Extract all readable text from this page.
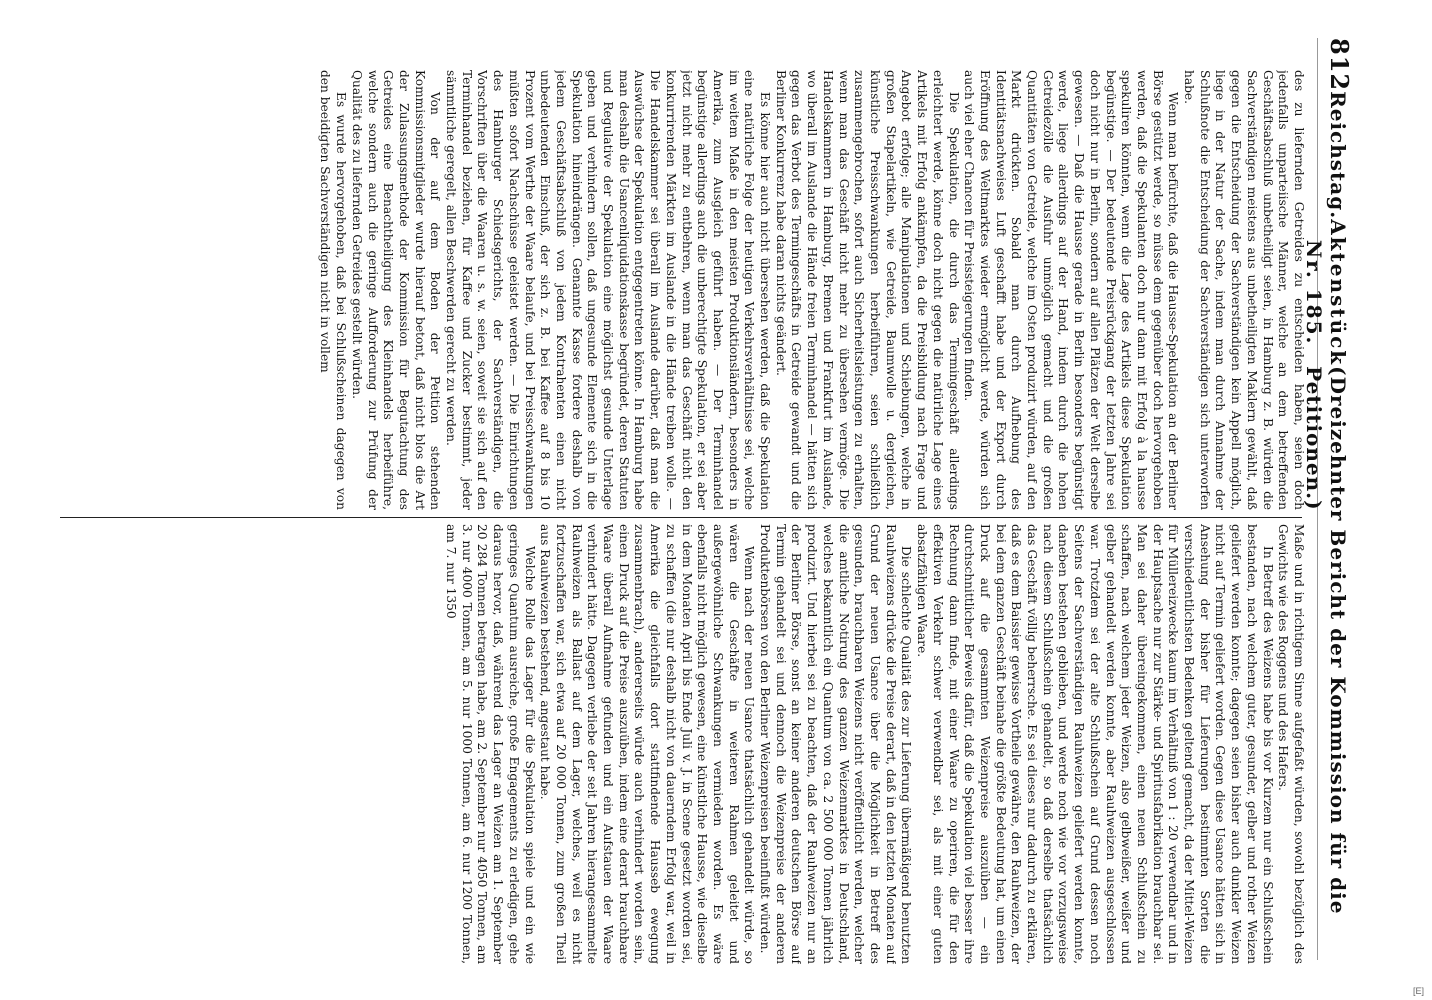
812
Reichstag.
Aktenstück Nr. 185.
(Dreizehnter Bericht der Kommission für die Petitionen.)

des zu liefernden Getreides zu entscheiden haben, seien doch jedenfalls unparteiische Männer, welche an dem betreffenden Geschäftsabschluß unbetheiligt seien, in Hamburg z. B. würden die Sachverständigen meistens aus unbetheiligten Maklern gewählt, daß gegen die Entscheidung der Sachverständigen kein Appell möglich, liege in der Natur der Sache, indem man durch Annahme der Schlußnote die Entscheidung der Sachverständigen sich unterworfen habe.

Wenn man befürchte, daß die Hausse-Spekulation an der Berliner Börse gestützt werde, so müsse dem gegenüber doch hervorgehoben werden, daß die Spekulanten doch nur dann mit Erfolg à la hausse spekuliren könnten, wenn die Lage des Artikels diese Spekulation begünstige. — Der bedeutende Preisrückgang der letzten Jahre sei doch nicht nur in Berlin, sondern auf allen Plätzen der Welt derselbe gewesen. — Daß die Hausse gerade in Berlin besonders begünstigt werde, liege allerdings auf der Hand, indem durch die hohen Getreidezölle die Ausfuhr unmöglich gemacht und die großen Quantitäten von Getreide, welche im Osten produzirt würden, auf den Markt drückten. Sobald man durch Aufhebung des Identitätsnachweises Luft geschafft habe und der Export durch Eröffnung des Weltmarktes wieder ermöglicht werde, würden sich auch viel eher Chancen für Preissteigerungen finden.

Die Spekulation, die durch das Termingeschäft allerdings erleichtert werde, könne doch nicht gegen die natürliche Lage eines Artikels mit Erfolg ankämpfen, da die Preisbildung nach Frage und Angebot erfolge; alle Manipulationen und Schiebungen, welche in großen Stapelartikeln, wie Getreide, Baumwolle u. dergleichen, künstliche Preisschwankungen herbeiführen, seien schließlich zusammengebrochen, sofort auch Sicherheitsleistungen zu erhalten, wenn man das Geschäft nicht mehr zu übersehen vermöge. Die Handelskammern in Hamburg, Bremen und Frankfurt im Auslande, wo überall im Auslande die Hände freien Terminhandel — hätten sich gegen das Verbot des Termingeschäfts in Getreide gewandt und die Berliner Konkurrenz habe daran nichts geändert.

Es könne hier auch nicht übersehen werden, daß die Spekulation eine natürliche Folge der heutigen Verkehrsverhältnisse sei, welche im weitem Maße in den meisten Produktionsländern, besonders in Amerika, zum Ausgleich geführt haben. — Der Terminhandel begünstige allerdings auch die unberechtigte Spekulation, er sei aber jetzt nicht mehr zu entbehren, wenn man das Geschäft nicht den konkurrirenden Märkten im Auslande in die Hände treiben wolle. — Die Handelskammer sei überall im Auslande darüber, daß man die Auswüchse der Spekulation entgegentreten könne. In Hamburg habe man deshalb die Usancenliquidationskasse begründet, deren Statuten und Regulative der Spekulation eine möglichst gesunde Unterlage geben und verhindern sollen, daß ungesunde Elemente sich in die Spekulation hineindrängen. Genannte Kasse fordere deshalb von jedem Geschäftsabschluß von jedem Kontrahenten einen nicht unbedeutenden Einschuß, der sich z. B. bei Kaffee auf 8 bis 10 Prozent vom Werthe der Waare belaufe, und bei Preisschwankungen müßten sofort Nachschüsse geleistet werden. — Die Einrichtungen des Hamburger Schiedsgerichts, der Sachverständigen, die Vorschriften über die Waaren u. s. w. seien, soweit sie sich auf den Terminhandel beziehen, für Kaffee und Zucker bestimmt, jeder sämmtliche geregelt, allen Beschwerden gerecht zu werden.

Von der auf dem Boden der Petition stehenden Kommissionsmitglieder wurde hierauf betont, daß nicht blos die Art der Zulassungsmethode der Kommission für Begutachtung des Getreides eine Benachtheiligung des Kleinhandels herbeiführe, welche sondern auch die geringe Aufforderung zur Prüfung der Qualität des zu liefernden Getreides gestellt würden.

Es wurde hervorgehoben, daß bei Schlußscheinen dagegen von den beeidigten Sachverständigen nicht in vollem

Maße und in richtigem Sinne aufgefaßt würden, sowohl bezüglich des Gewichts wie des Roggens und des Hafers.

In Betreff des Weizens habe bis vor Kurzem nur ein Schlußschein bestanden, nach welchem guter, gesunder, gelber und rother Weizen geliefert werden konnte; dagegen seien bisher auch dunkler Weizen nicht auf Termin geliefert worden. Gegen diese Usance hätten sich in Ansehung der bisher für Lieferungen bestimmten Sorten die verschiedentlichsten Bedenken geltend gemacht, da der Mittel-Weizen für Müllereizwecke kaum im Verhältniß von 1 : 20 verwendbar und in der Hauptsache nur zur Stärke- und Spiritusfabrikation brauchbar sei. Man sei daher übereingekommen, einen neuen Schlußschein zu schaffen, nach welchem jeder Weizen, also gelbweißer, weißer und gelber gehandelt werden konnte, aber Rauhweizen ausgeschlossen war. Trotzdem sei der alte Schlußschein auf Grund dessen noch Seitens der Sachverständigen Rauhweizen geliefert werden konnte, daneben bestehen geblieben, und werde noch wie vor vorzugsweise nach diesem Schlußschein gehandelt, so daß derselbe thatsächlich das Geschäft völlig beherrsche. Es sei dieses nur dadurch zu erklären, daß es dem Baissier gewisse Vortheile gewähre, den Rauhweizen, der bei dem ganzen Geschäft beinahe die größte Bedeutung hat, um einen Druck auf die gesammten Weizenpreise auszuüben — ein durchschnittlicher Beweis dafür, daß die Spekulation viel besser ihre Rechnung dann finde, mit einer Waare zu operiren, die für den effektiven Verkehr schwer verwendbar sei, als mit einer guten absatzfähigen Waare.

Die schlechte Qualität des zur Lieferung übermäßigend benutzten Rauhweizens drücke die Preise derart, daß in den letzten Monaten auf Grund der neuen Usance über die Möglichkeit in Betreff des gesunden, brauchbaren Weizens nicht veröffentlicht werden, welcher die amtliche Notirung des ganzen Weizenmarktes in Deutschland, welches bekanntlich ein Quantum von ca. 2 500 000 Tonnen jährlich produzirt. Und hierbei sei zu beachten, daß der Rauhweizen nur an der Berliner Börse, sonst an keiner anderen deutschen Börse auf Termin gehandelt sei und dennoch die Weizenpreise der anderen Produktenbörsen von den Berliner Weizenpreisen beeinflußt würden.

Wenn nach der neuen Usance thatsächlich gehandelt würde, so wären die Geschäfte in weiteren Rahmen geleitet und außergewöhnliche Schwankungen vermieden worden. Es wäre ebenfalls nicht möglich gewesen, eine künstliche Hausse, wie dieselbe in dem Monaten April bis Ende Juli v. J. in Scene gesetzt worden sei, zu schaffen (die nur deshalb nicht von dauerndem Erfolg war, weil in Amerika die gleichfalls dort stattfindende Hausseb ewegung zusammenbrach), andererseits würde auch verhindert worden sein, einen Druck auf die Preise auszuüben, indem eine derart brauchbare Waare überall Aufnahme gefunden und ein Aufstauen der Waare verhindert hätte. Dagegen verliebe der seit Jahren hierangesammelte Rauhweizen als Ballast auf dem Lager, welches, weil es nicht fortzuschaffen war, sich etwa auf 20 000 Tonnen, zum großen Theil aus Rauhweizen bestehend, angestaut habe.

Welche Rolle das Lager für die Spekulation spiele und ein wie geringes Quantum ausreiche, große Engagements zu erledigen, gehe daraus hervor, daß, während das Lager an Weizen am 1. September 20 284 Tonnen betragen habe, am 2. September nur 4050 Tonnen, am 3. nur 4000 Tonnen, am 5. nur 1000 Tonnen, am 6. nur 1200 Tonnen, am 7. nur 1350

[E]
